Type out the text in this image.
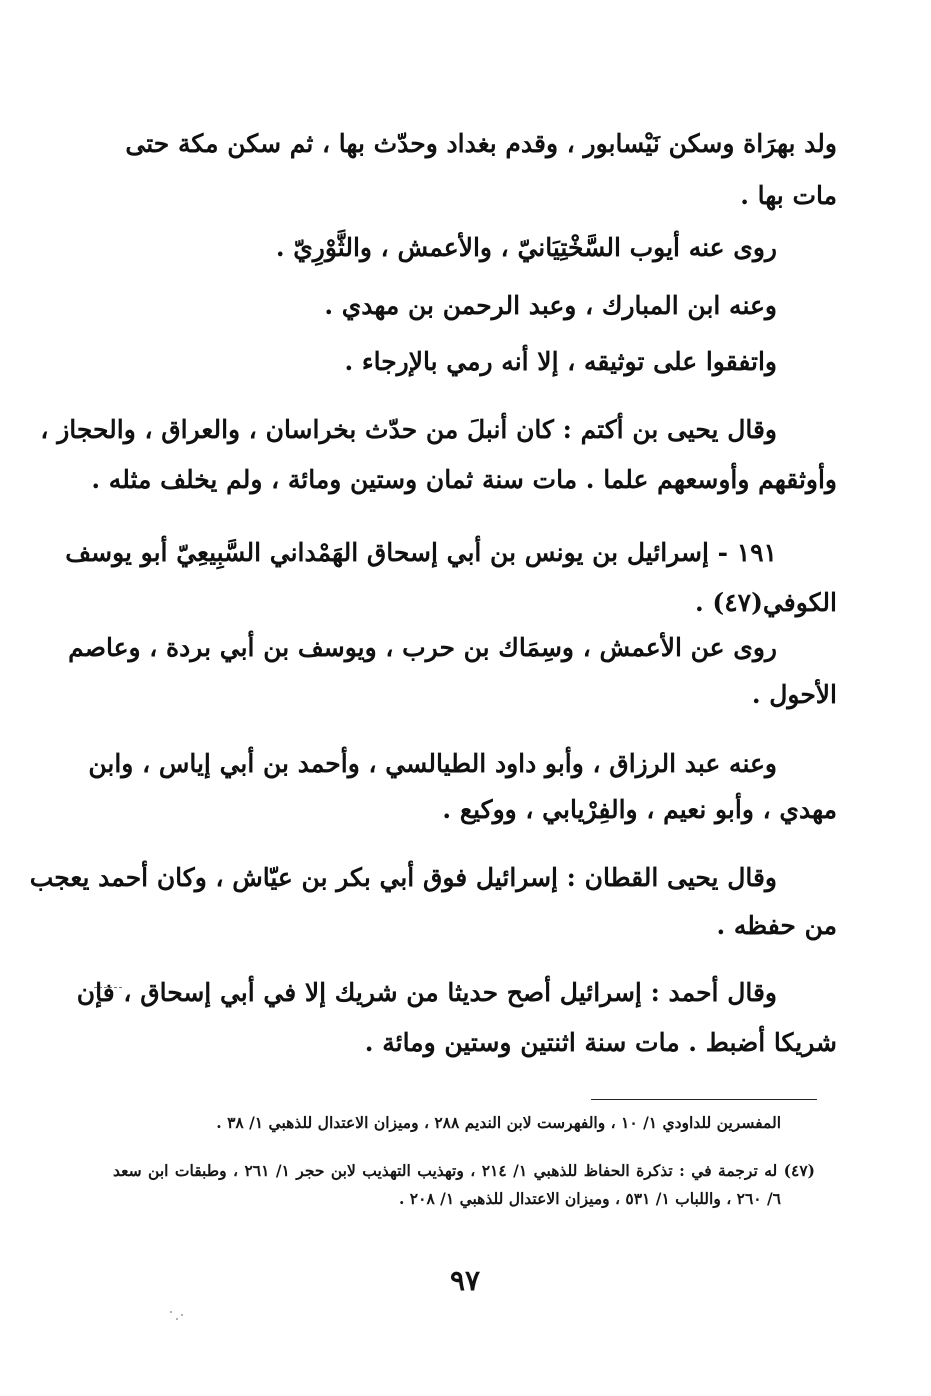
ولد بهرَاة وسكن نَيْسابور ، وقدم بغداد وحدّث بها ، ثم سكن مكة حتى
مات بها .
روى عنه أيوب السَّخْتِيَانيّ ، والأعمش ، والثَّوْرِيّ .
وعنه ابن المبارك ، وعبد الرحمن بن مهدي .
واتفقوا على توثيقه ، إلا أنه رمي بالإرجاء .
وقال يحيى بن أكتم : كان أنبلَ من حدّث بخراسان ، والعراق ، والحجاز ،
وأوثقهم وأوسعهم علما . مات سنة ثمان وستين ومائة ، ولم يخلف مثله .
١٩١ - إسرائيل بن يونس بن أبي إسحاق الهَمْداني السَّبِيعِيّ أبو يوسف
الكوفي(٤٧) .
روى عن الأعمش ، وسِمَاك بن حرب ، ويوسف بن أبي بردة ، وعاصم
الأحول .
وعنه عبد الرزاق ، وأبو داود الطيالسي ، وأحمد بن أبي إياس ، وابن
مهدي ، وأبو نعيم ، والفِرْيابي ، ووكيع .
وقال يحيى القطان : إسرائيل فوق أبي بكر بن عيّاش ، وكان أحمد يعجب
من حفظه .
وقال أحمد : إسرائيل أصح حديثا من شريك إلا في أبي إسحاق ، فإن
شريكا أضبط . مات سنة اثنتين وستين ومائة .
المفسرين للداودي ١/ ١٠ ، والفهرست لابن النديم ٢٨٨ ، وميزان الاعتدال للذهبي ١/ ٣٨ .
(٤٧) له ترجمة في : تذكرة الحفاظ للذهبي ١/ ٢١٤ ، وتهذيب التهذيب لابن حجر ١/ ٢٦١ ، وطبقات ابن سعد
٦/ ٢٦٠ ، واللباب ١/ ٥٣١ ، وميزان الاعتدال للذهبي ١/ ٢٠٨ .
٩٧
